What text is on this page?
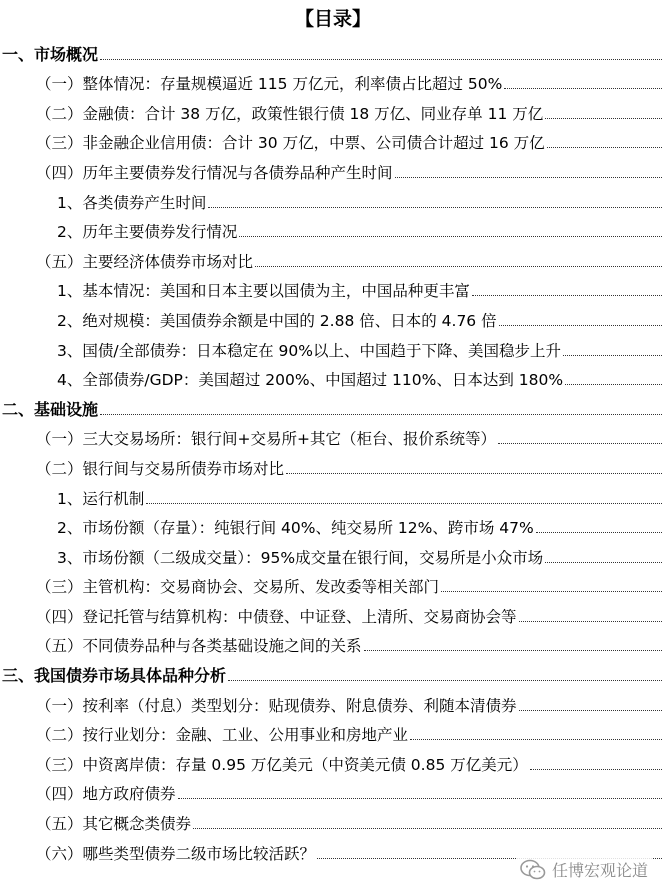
【目录】
一、市场概况
（一）整体情况：存量规模逼近 115 万亿元，利率债占比超过 50%
（二）金融债：合计 38 万亿，政策性银行债 18 万亿、同业存单 11 万亿
（三）非金融企业信用债：合计 30 万亿，中票、公司债合计超过 16 万亿
（四）历年主要债券发行情况与各债券品种产生时间
1、各类债券产生时间
2、历年主要债券发行情况
（五）主要经济体债券市场对比
1、基本情况：美国和日本主要以国债为主，中国品种更丰富
2、绝对规模：美国债券余额是中国的 2.88 倍、日本的 4.76 倍
3、国债/全部债券：日本稳定在 90%以上、中国趋于下降、美国稳步上升
4、全部债券/GDP：美国超过 200%、中国超过 110%、日本达到 180%
二、基础设施
（一）三大交易场所：银行间+交易所+其它（柜台、报价系统等）
（二）银行间与交易所债券市场对比
1、运行机制
2、市场份额（存量）：纯银行间 40%、纯交易所 12%、跨市场 47%
3、市场份额（二级成交量）：95%成交量在银行间，交易所是小众市场
（三）主管机构：交易商协会、交易所、发改委等相关部门
（四）登记托管与结算机构：中债登、中证登、上清所、交易商协会等
（五）不同债券品种与各类基础设施之间的关系
三、我国债券市场具体品种分析
（一）按利率（付息）类型划分：贴现债券、附息债券、利随本清债券
（二）按行业划分：金融、工业、公用事业和房地产业
（三）中资离岸债：存量 0.95 万亿美元（中资美元债 0.85 万亿美元）
（四）地方政府债券
（五）其它概念类债券
（六）哪些类型债券二级市场比较活跃？
任博宏观论道
